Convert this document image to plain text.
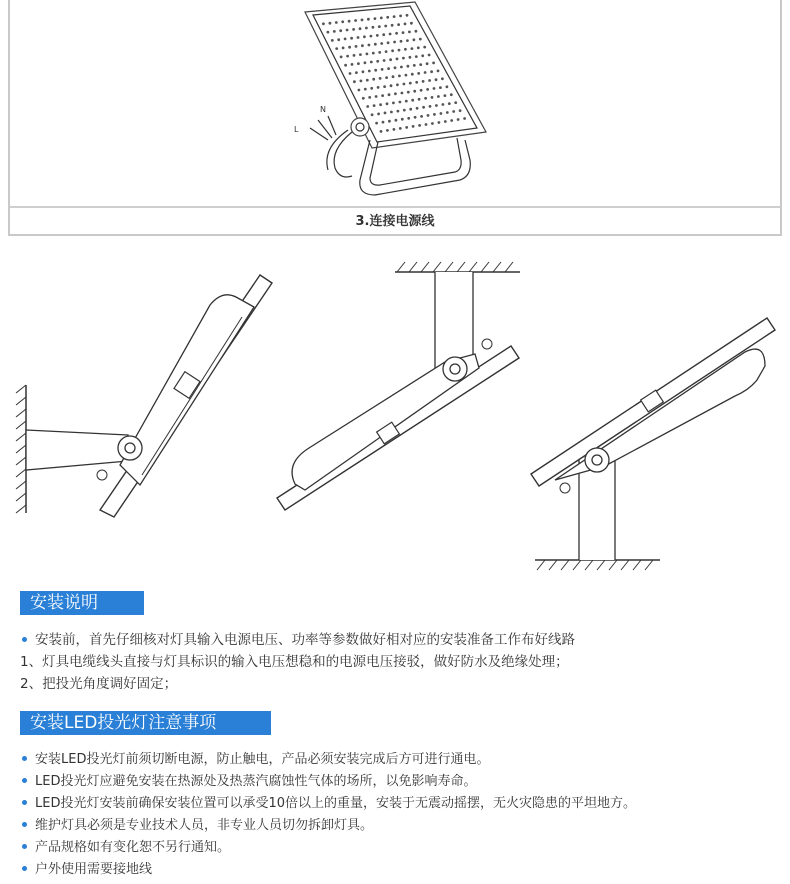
L
N
3.连接电源线
安装说明
安装前，首先仔细核对灯具输入电源电压、功率等参数做好相对应的安装准备工作布好线路
1、灯具电缆线头直接与灯具标识的输入电压想稳和的电源电压接驳，做好防水及绝缘处理；
2、把投光角度调好固定；
安装LED投光灯注意事项
安装LED投光灯前须切断电源，防止触电，产品必须安装完成后方可进行通电。
LED投光灯应避免安装在热源处及热蒸汽腐蚀性气体的场所，以免影响寿命。
LED投光灯安装前确保安装位置可以承受10倍以上的重量，安装于无震动摇摆，无火灾隐患的平坦地方。
维护灯具必须是专业技术人员，非专业人员切勿拆卸灯具。
产品规格如有变化恕不另行通知。
户外使用需要接地线
